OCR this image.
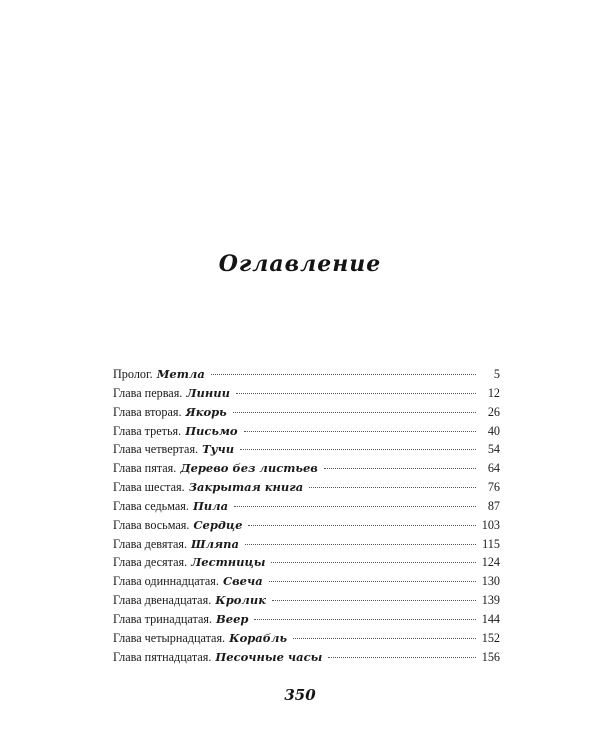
Оглавление
Пролог. Метла	5
Глава первая. Линии	12
Глава вторая. Якорь	26
Глава третья. Письмо	40
Глава четвертая. Тучи	54
Глава пятая. Дерево без листьев	64
Глава шестая. Закрытая книга	76
Глава седьмая. Пила	87
Глава восьмая. Сердце	103
Глава девятая. Шляпа	115
Глава десятая. Лестницы	124
Глава одиннадцатая. Свеча	130
Глава двенадцатая. Кролик	139
Глава тринадцатая. Веер	144
Глава четырнадцатая. Корабль	152
Глава пятнадцатая. Песочные часы	156
350
